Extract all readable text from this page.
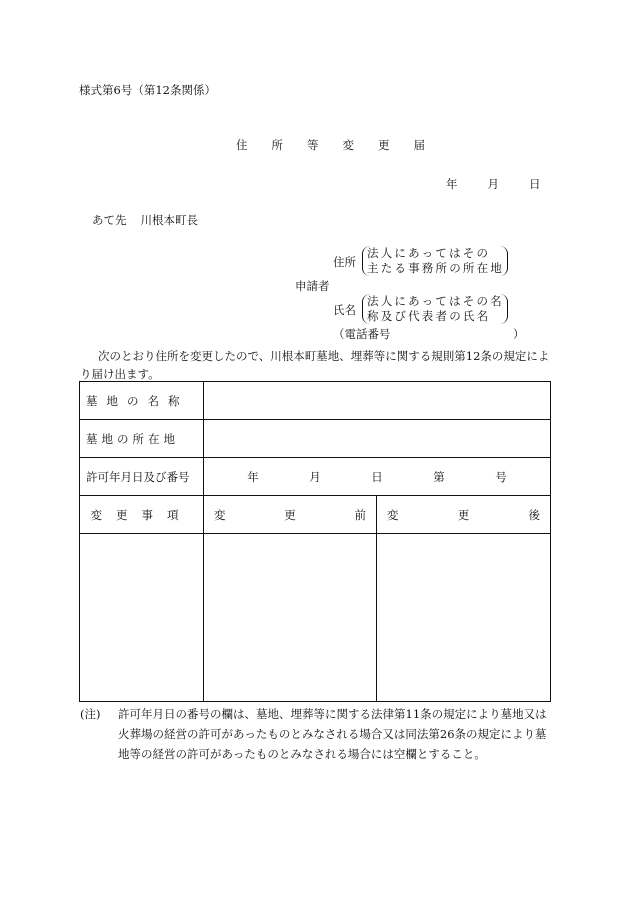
様式第6号（第12条関係）
住 所 等 変 更 届
年	月	日
あて先 川根本町長
住所
法人にあってはその
主たる事務所の所在地
申請者
氏名
法人にあってはその名
称及び代表者の氏名
（電話番号	）
次のとおり住所を変更したので、川根本町墓地、埋葬等に関する規則第12条の規定により届け出ます。
墓地の名称		
墓地の所在地		
許可年月日及び番号	年 月 日 第 号	

変更事項	変 更 前	変 更 後

(注) 許可年月日の番号の欄は、墓地、埋葬等に関する法律第11条の規定により墓地又は火葬場の経営の許可があったものとみなされる場合又は同法第26条の規定により墓地等の経営の許可があったものとみなされる場合には空欄とすること。
